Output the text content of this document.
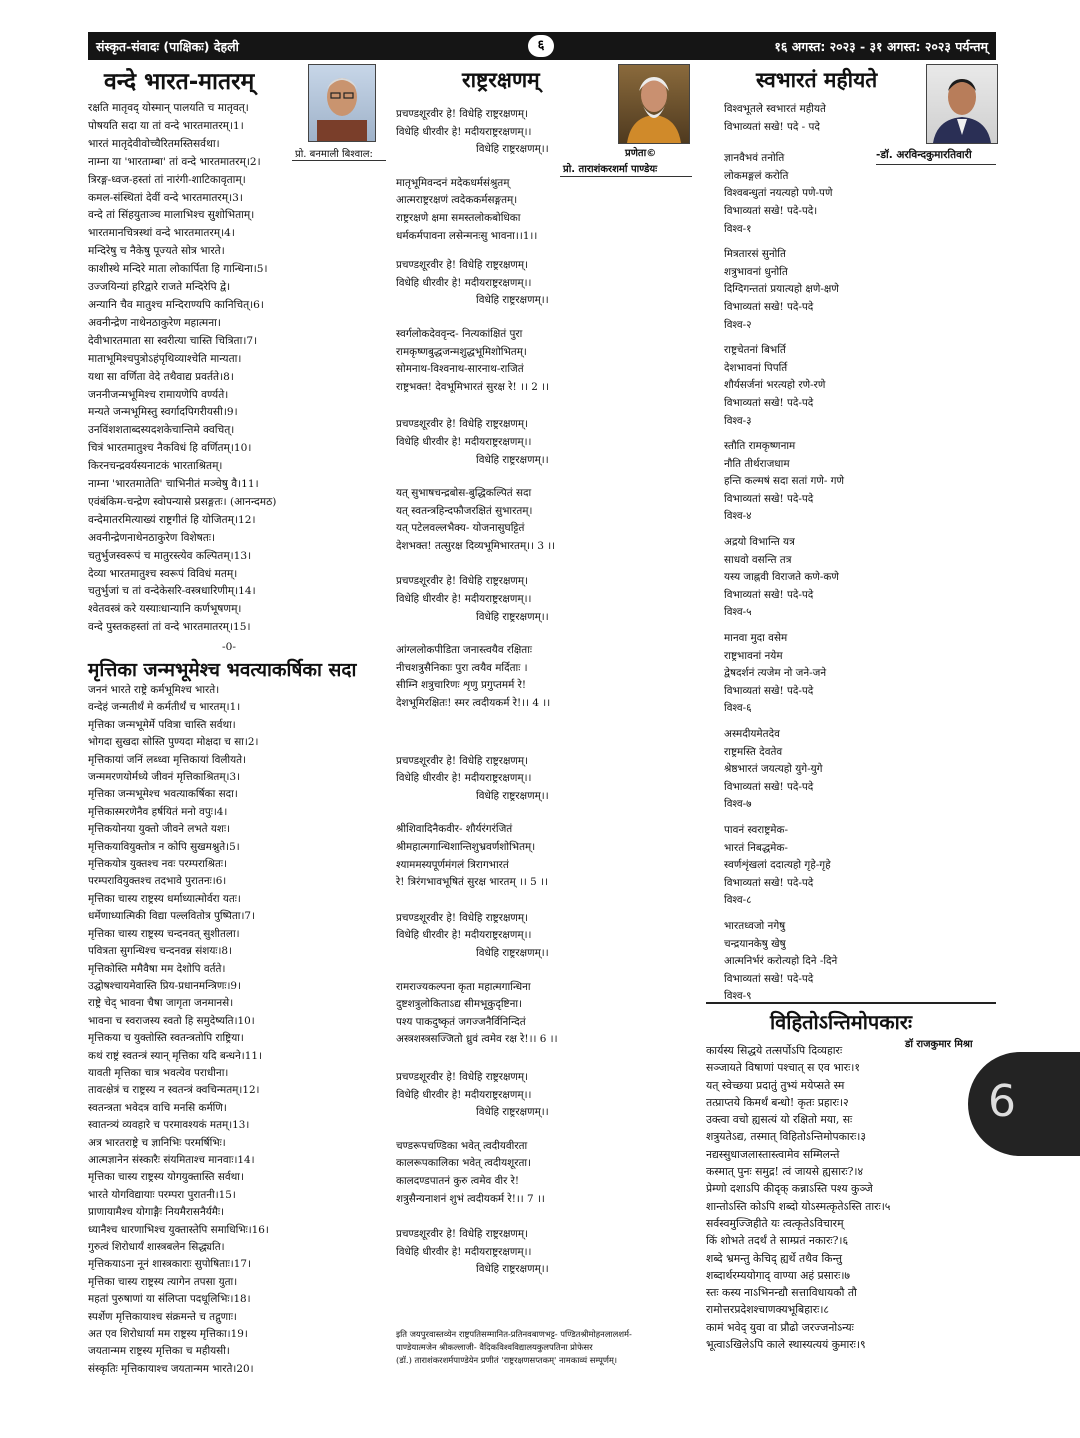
संस्कृत-संवादः (पाक्षिकः) देहली	१६ अगस्त: २०२३ - ३१ अगस्त: २०२३ पर्यन्तम्
६
वन्दे भारत-मातरम्
प्रो. बनमाली बिश्वाल:
रक्षति मातृवद् योस्मान् पालयति च मातृवत्।
पोषयति सदा या तां वन्दे भारतमातरम्।1।
भारतं मातृदेवीवोच्चैरितमस्तिसर्वथा।
नाम्ना या 'भारताम्बा' तां वन्दे भारतमातरम्।2।
त्रिरङ्ग-ध्वज-हस्तां तां नारंगी-शाटिकावृताम्।
कमल-संस्थितां देवीं वन्दे भारतमातरम्।3।
वन्दे तां सिंहयुताञ्च मालाभिश्च सुशोभिताम्।
भारतमानचित्रस्थां वन्दे भारतमातरम्।4।
मन्दिरेषु च नैकेषु पूज्यते सोत्र भारते।
काशीस्थे मन्दिरे माता लोकार्पिता हि गान्धिना।5।
उज्जयिन्यां हरिद्वारे राजते मन्दिरेपि द्वे।
अन्यानि चैव मातुश्च मन्दिराण्यपि कानिचित्।6।
अवनीन्द्रेण नाथेनठाकुरेण महात्मना।
देवीभारतमाता सा स्वरीत्या चास्ति चित्रिता।7।
माताभूमिश्चपुत्रोऽहंपृथिव्याश्चेति मान्यता।
यथा सा वर्णिता वेदे तथैवाद्य प्रवर्तते।8।
जननीजन्मभूमिश्च रामायणेपि वर्ण्यते।
मन्यते जन्मभूमिस्तु स्वर्गादपिगरीयसी।9।
उनविंशशताब्दस्यदशकेचान्तिमे क्वचित्।
चित्रं भारतमातुश्च नैकविधं हि वर्णितम्।10।
किरनचन्द्रवर्यस्यनाटकं भारताश्रितम्।
नाम्ना 'भारतमातेति' चाभिनीतं मञ्चेषु वै।11।
एवंबंकिम-चन्द्रेण स्वोपन्यासे प्रसङ्गतः। (आनन्दमठ)
वन्देमातरमित्याख्यं राष्ट्रगीतं हि योजितम्।12।
अवनीन्द्रेणनाथेनठाकुरेण विशेषतः।
चतुर्भुजस्वरूपं च मातुरस्त्येव कल्पितम्।13।
देव्या भारतमातुश्च स्वरूपं विविधं मतम्।
चतुर्भुजां च तां वन्देकेसरि-वस्त्रधारिणीम्।14।
श्वेतवस्त्रं करे यस्याःधान्यानि कर्णभूषणम्।
वन्दे पुस्तकहस्तां तां वन्दे भारतमातरम्।15।
-0-
मृत्तिका जन्मभूमेश्च भवत्याकर्षिका सदा
जननं भारते राष्ट्रे कर्मभूमिश्च भारते।
वन्देहं जन्मतीर्थं मे कर्मतीर्थं च भारतम्।1।
मृत्तिका जन्मभूमेर्मे पवित्रा चास्ति सर्वथा।
भोगदा सुखदा सोस्ति पुण्यदा मोक्षदा च सा।2।
मृत्तिकायां जनिं लब्ध्वा मृत्तिकायां विलीयते।
जन्ममरणयोर्मध्ये जीवनं मृत्तिकाश्रितम्।3।
मृत्तिका जन्मभूमेश्च भवत्याकर्षिका सदा।
मृत्तिकास्मरणेनैव हर्षयितं मनो वपुः।4।
मृत्तिकयोनया युक्तो जीवने लभते यशः।
मृत्तिकयावियुक्तोत्र न कोपि सुखमश्नुते।5।
मृत्तिकयोत्र युक्तश्च नवः परम्पराश्रितः।
परम्परावियुक्तश्च तदभावे पुरातनः।6।
मृत्तिका चास्य राष्ट्रस्य धर्माध्यात्मोर्वरा यतः।
धर्मेणाध्यात्मिकी विद्या पल्लवितोत्र पुष्पिता।7।
मृत्तिका चास्य राष्ट्रस्य चन्दनवत् सुशीतला।
पवित्रता सुगन्धिश्च चन्दनवन्न संशयः।8।
मृत्तिकोस्ति ममैवैषा मम देशोपि वर्तते।
उद्घोषश्चायमेवास्ति प्रिय-प्रधानमन्त्रिणः।9।
राष्ट्रे चेद् भावना चैषा जागृता जनमानसे।
भावना च स्वराजस्य स्वतो हि समुदेष्यति।10।
मृत्तिकया च युक्तोस्ति स्वतन्त्रतोपि राष्ट्रिया।
कथं राष्ट्रं स्वतन्त्रं स्यान् मृत्तिका यदि बन्धने।11।
यावती मृत्तिका चात्र भवत्येव पराधीना।
तावत्क्षेत्रं च राष्ट्रस्य न स्वतन्त्रं क्वचिन्मतम्।12।
स्वतन्त्रता भवेदत्र वाचि मनसि कर्मणि।
स्वातन्त्र्यं व्यवहारे च परमावश्यकं मतम्।13।
अत्र भारतराष्ट्रे च ज्ञानिभिः परमर्षिभिः।
आत्मज्ञानेन संस्कारैः संयमिताश्च मानवाः।14।
मृत्तिका चास्य राष्ट्रस्य योगयुक्तास्ति सर्वथा।
भारते योगविद्यायाः परम्परा पुरातनी।15।
प्राणायामैश्च योगाङ्गैः नियमैरासनैर्यमैः।
ध्यानैश्च धारणाभिश्च युक्तास्तेपि समाधिभिः।16।
गुरुत्वं शिरोधार्यं शास्त्रबलेन सिद्ध्यति।
मृत्तिकयाऽना नूनं शास्त्रकाराः सुपोषिताः।17।
मृत्तिका चास्य राष्ट्रस्य त्यागेन तपसा युता।
महतां पुरुषाणां या संलिप्ता पदधूलिभिः।18।
स्पर्शेण मृत्तिकायाश्च संक्रमन्ते च तद्गुणाः।
अत एव शिरोधार्या मम राष्ट्रस्य मृत्तिका।19।
जयतान्मम राष्ट्रस्य मृत्तिका च महीयसी।
संस्कृतिः मृत्तिकायाश्च जयतान्मम भारते।20।
राष्ट्ररक्षणम्
प्रणेता©
प्रो. ताराशंकरशर्मा पाण्डेयः
प्रचण्डशूरवीर हे! विधेहि राष्ट्ररक्षणम्।
विधेहि धीरवीर हे! मदीयराष्ट्ररक्षणम्।।
विधेहि राष्ट्ररक्षणम्।।
मातृभूमिवन्दनं मदेकधर्मसंश्रुतम्
आत्मराष्ट्ररक्षणं त्वदेककर्मसङ्गतम्।
राष्ट्ररक्षणे क्षमा समस्तलोकबोधिका
धर्मकर्मपावना लसेन्मनःसु भावना।।1।।
प्रचण्डशूरवीर हे! विधेहि राष्ट्ररक्षणम्।
विधेहि धीरवीर हे! मदीयराष्ट्ररक्षणम्।।
विधेहि राष्ट्ररक्षणम्।।
स्वर्गलोकदेववृन्द- नित्यकांक्षितं पुरा
रामकृष्णबुद्धजन्मशुद्धभूमिशोभितम्।
सोमनाथ-विश्वनाथ-सारनाथ-राजितं
राष्ट्रभक्त! देवभूमिभारतं सुरक्ष रे! ।। 2 ।।
प्रचण्डशूरवीर हे! विधेहि राष्ट्ररक्षणम्।
विधेहि धीरवीर हे! मदीयराष्ट्ररक्षणम्।।
विधेहि राष्ट्ररक्षणम्।।
यत् सुभाषचन्द्रबोस-बुद्धिकल्पितं सदा
यत् स्वतन्त्रहिन्दफौजरक्षितं सुभारतम्।
यत् पटेलवल्लभैक्य- योजनासुघट्टितं
देशभक्त! तत्सुरक्ष दिव्यभूमिभारतम्।। 3 ।।
प्रचण्डशूरवीर हे! विधेहि राष्ट्ररक्षणम्।
विधेहि धीरवीर हे! मदीयराष्ट्ररक्षणम्।।
विधेहि राष्ट्ररक्षणम्।।
आंग्ललोकपीडिता जनास्त्वयैव रक्षिताः
नीचशत्रुसैनिकाः पुरा त्वयैव मर्दिताः ।
सीम्नि शत्रुचारिणः शृणु प्रगुप्तमर्म रे!
देशभूमिरक्षितः! स्मर त्वदीयकर्म रे!।। 4 ।।
प्रचण्डशूरवीर हे! विधेहि राष्ट्ररक्षणम्।
विधेहि धीरवीर हे! मदीयराष्ट्ररक्षणम्।।
विधेहि राष्ट्ररक्षणम्।।
श्रीशिवादिनैकवीर- शौर्यरंगरंजितं
श्रीमहात्मगान्धिशान्तिशुभ्रवर्णशोभितम्।
श्याममस्यपूर्णमंगलं त्रिरागभारतं
रे! त्रिरंगभावभूषितं सुरक्ष भारतम् ।। 5 ।।
प्रचण्डशूरवीर हे! विधेहि राष्ट्ररक्षणम्।
विधेहि धीरवीर हे! मदीयराष्ट्ररक्षणम्।।
विधेहि राष्ट्ररक्षणम्।।
रामराज्यकल्पना कृता महात्मगान्धिना
दुष्टशत्रुलोकिताऽद्य सीमभूकुदृष्टिना।
पश्य पाकदुष्कृतं जगज्जनैर्विनिन्दितं
अस्त्रशस्त्रसज्जितो ध्रुवं त्वमेव रक्ष रे!।। 6 ।।
प्रचण्डशूरवीर हे! विधेहि राष्ट्ररक्षणम्।
विधेहि धीरवीर हे! मदीयराष्ट्ररक्षणम्।।
विधेहि राष्ट्ररक्षणम्।।
चण्डरूपचण्डिका भवेत् त्वदीयवीरता
कालरूपकालिका भवेत् त्वदीयशूरता।
कालदण्डपातनं कुरु त्वमेव वीर रे!
शत्रुसैन्यनाशनं शुभं त्वदीयकर्म रे!।। 7 ।।
प्रचण्डशूरवीर हे! विधेहि राष्ट्ररक्षणम्।
विधेहि धीरवीर हे! मदीयराष्ट्ररक्षणम्।।
विधेहि राष्ट्ररक्षणम्।।
इति जयपुरवास्तव्येन राष्ट्रपतिसम्मानित-प्रतिनवबाणभट्ट- पण्डितश्रीमोहनलालशर्म-
पाण्डेयात्मजेन श्रीकल्लाजी- वैदिकविश्वविद्यालयकुलपतिना प्रोफेसर
(डॉ.) ताराशंकरशर्मपाण्डेयेन प्रणीतं 'राष्ट्ररक्षणसप्तकम्' नामकाव्यं सम्पूर्णम्।
स्वभारतं महीयते
-डॉ. अरविन्दकुमारतिवारी
विश्वभूतले स्वभारतं महीयते
विभाव्यतां सखे! पदे - पदे
ज्ञानवैभवं तनोति
लोकमङ्गलं करोति
विश्वबन्धुतां नयत्यहो पणे-पणे
विभाव्यतां सखे! पदे-पदे।
विश्व-१
मित्रतारसं सुनोति
शत्रुभावनां धुनोति
दिग्दिगन्ततां प्रयात्यहो क्षणे-क्षणे
विभाव्यतां सखे! पदे-पदे
विश्व-२
राष्ट्रचेतनां बिभर्ति
देशभावनां पिपर्ति
शौर्यसर्जनां भरत्यहो रणे-रणे
विभाव्यतां सखे! पदे-पदे
विश्व-३
स्तौति रामकृष्णनाम
नौति तीर्थराजधाम
हन्ति कल्मषं सदा सतां गणे- गणे
विभाव्यतां सखे! पदे-पदे
विश्व-४
अद्रयो विभान्ति यत्र
साधवो वसन्ति तत्र
यस्य जाह्नवी विराजते कणे-कणे
विभाव्यतां सखे! पदे-पदे
विश्व-५
मानवा मुदा वसेम
राष्ट्रभावनां नयेम
द्वेषदर्शनं त्यजेम नो जने-जने
विभाव्यतां सखे! पदे-पदे
विश्व-६
अस्मदीयमेतदेव
राष्ट्रमस्ति देवतेव
श्रेष्ठभारतं जयत्यहो युगे-युगे
विभाव्यतां सखे! पदे-पदे
विश्व-७
पावनं स्वराष्ट्रमेक-
भारतं निबद्धमेक-
स्वर्णशृंखलां ददात्यहो गृहे-गृहे
विभाव्यतां सखे! पदे-पदे
विश्व-८
भारतध्वजो नगेषु
चन्द्रयानकेषु खेषु
आत्मनिर्भरं करोत्यहो दिने -दिने
विभाव्यतां सखे! पदे-पदे
विश्व-९
विहितोऽन्तिमोपकारः
डॉ राजकुमार मिश्रा
कार्यस्य सिद्धये तत्सर्पोऽपि दिव्यहारः
सञ्जायते विषाणां पश्चात् स एव भारः।१
यत् स्वेच्छया प्रदातुं तुभ्यं मयेप्सते स्म
तत्प्राप्तये किमर्थं बन्धो! कृतः प्रहारः।२
उक्त्वा वचो ह्यसत्यं यो रक्षितो मया, सः
शत्रुयतेऽद्य, तस्मात् विहितोऽन्तिमोपकारः।३
नद्यस्सुधाजलास्तास्त्वामेव सम्मिलन्ते
कस्मात् पुनः समुद्र! त्वं जायसे ह्यसारः?।४
प्रेम्णो दशाऽपि कीदृक् कन्नाऽस्ति पश्य कुञ्जे
शान्तोऽस्ति कोऽपि शब्दो योऽस्मत्कृतेऽस्ति तारः।५
सर्वस्वमुज्जिहीते यः त्वत्कृतेऽविचारम्
किं शोभते तदर्थं ते साम्प्रतं नकारः?।६
शब्दे भ्रमन्तु केचिद् ह्यर्थे तथैव किन्तु
शब्दार्थरम्ययोगाद् वाण्या अहं प्रसारः।७
स्तः कस्य नाऽभिनन्द्यौ सत्ताविधायकौ तौ
रामोत्तरप्रदेशश्चाणक्यभूबिहारः।८
कामं भवेद् युवा वा प्रौढो जरज्जनोऽन्यः
भूत्वाऽखिलेऽपि काले स्थास्यत्ययं कुमारः।९
6
